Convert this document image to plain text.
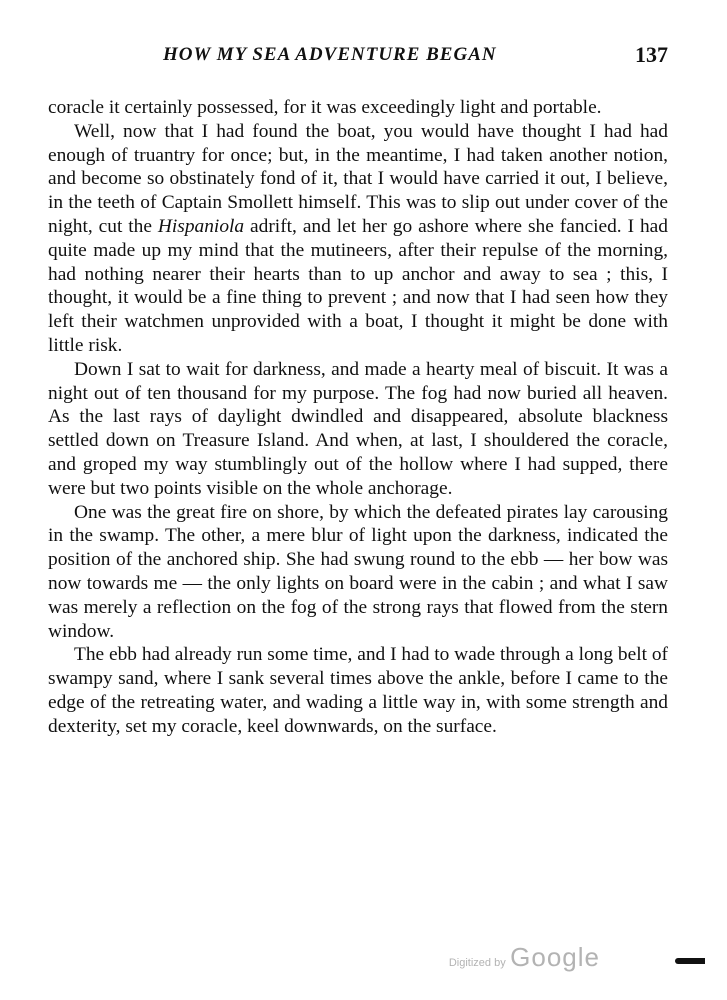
HOW MY SEA ADVENTURE BEGAN	137

coracle it certainly possessed, for it was exceedingly light and portable.

Well, now that I had found the boat, you would have thought I had had enough of truantry for once; but, in the meantime, I had taken another notion, and become so obstinately fond of it, that I would have carried it out, I believe, in the teeth of Captain Smollett himself. This was to slip out under cover of the night, cut the Hispaniola adrift, and let her go ashore where she fancied. I had quite made up my mind that the mutineers, after their repulse of the morning, had nothing nearer their hearts than to up anchor and away to sea ; this, I thought, it would be a fine thing to prevent ; and now that I had seen how they left their watchmen unprovided with a boat, I thought it might be done with little risk.

Down I sat to wait for darkness, and made a hearty meal of biscuit. It was a night out of ten thousand for my purpose. The fog had now buried all heaven. As the last rays of daylight dwindled and disappeared, absolute blackness settled down on Treasure Island. And when, at last, I shouldered the coracle, and groped my way stumblingly out of the hollow where I had supped, there were but two points visible on the whole anchorage.

One was the great fire on shore, by which the defeated pirates lay carousing in the swamp. The other, a mere blur of light upon the darkness, indicated the position of the anchored ship. She had swung round to the ebb — her bow was now towards me — the only lights on board were in the cabin ; and what I saw was merely a reflection on the fog of the strong rays that flowed from the stern window.

The ebb had already run some time, and I had to wade through a long belt of swampy sand, where I sank several times above the ankle, before I came to the edge of the retreating water, and wading a little way in, with some strength and dexterity, set my coracle, keel downwards, on the surface.

Digitized by Google
